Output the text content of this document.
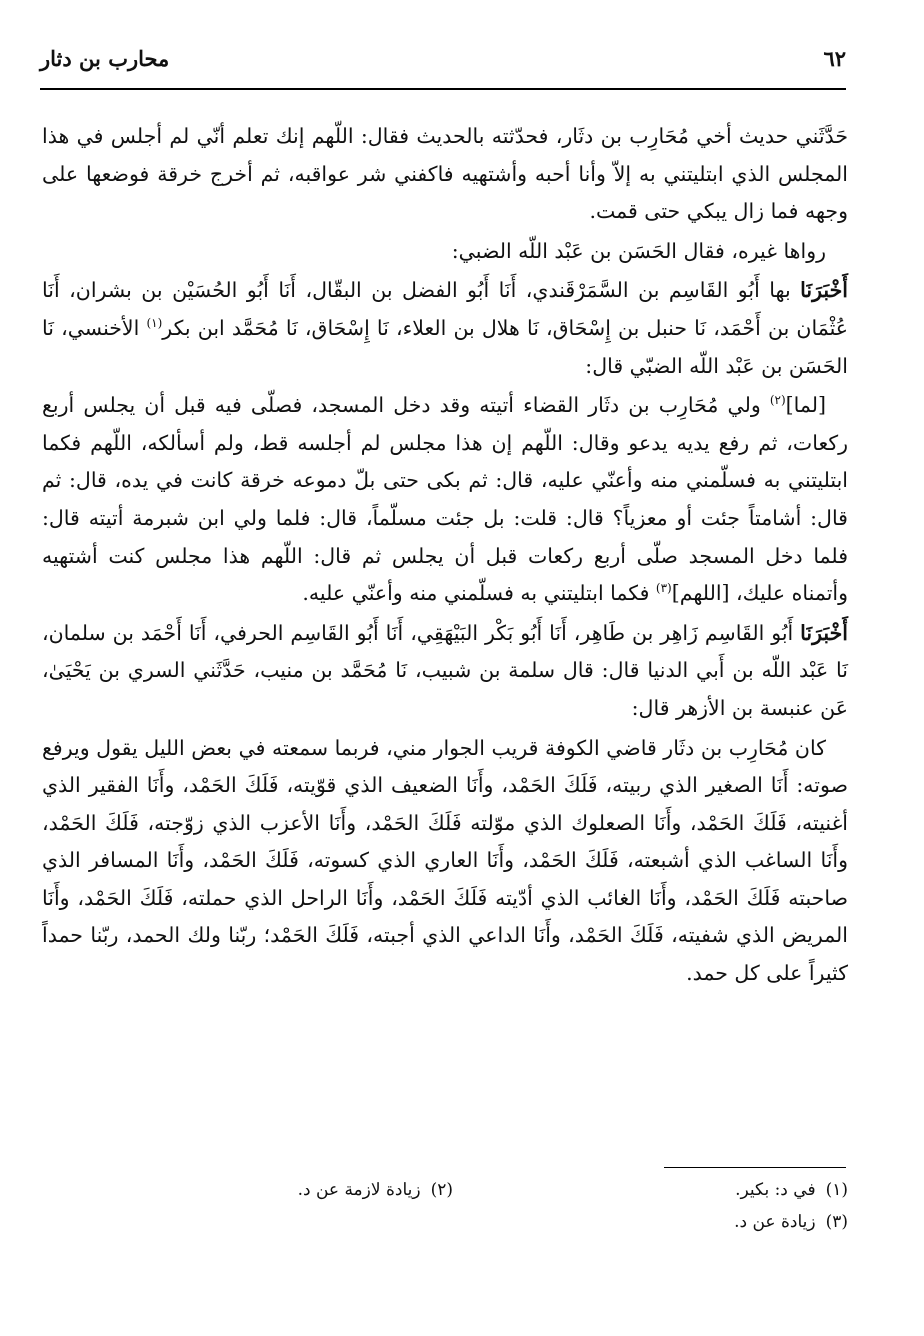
٦٢
محارب بن دثار

حَدَّثَني حديث أخي مُحَارِب بن دثَار، فحدّثته بالحديث فقال: اللّهم إنك تعلم أنّي لم أجلس في هذا المجلس الذي ابتليتني به إلاّ وأنا أحبه وأشتهيه فاكفني شر عواقبه، ثم أخرج خرقة فوضعها على وجهه فما زال يبكي حتى قمت.

رواها غيره، فقال الحَسَن بن عَبْد اللّه الضبي:

أَخْبَرَنَا بها أَبُو القَاسِم بن السَّمَرْقَندي، أَنَا أَبُو الفضل بن البقّال، أَنَا أَبُو الحُسَيْن بن بشران، أَنَا عُثْمَان بن أَحْمَد، نَا حنبل بن إِسْحَاق، نَا هلال بن العلاء، نَا إِسْحَاق، نَا مُحَمَّد ابن بكر$^{(١)}$ الأخنسي، نَا الحَسَن بن عَبْد اللّه الضبّي قال:

[لما]$^{(٢)}$ ولي مُحَارِب بن دثَار القضاء أتيته وقد دخل المسجد، فصلّى فيه قبل أن يجلس أربع ركعات، ثم رفع يديه يدعو وقال: اللّهم إن هذا مجلس لم أجلسه قط، ولم أسألكه، اللّهم فكما ابتليتني به فسلّمني منه وأعنّي عليه، قال: ثم بكى حتى بلّ دموعه خرقة كانت في يده، قال: ثم قال: أشامتاً جئت أو معزياً؟ قال: قلت: بل جئت مسلّماً، قال: فلما ولي ابن شبرمة أتيته قال: فلما دخل المسجد صلّى أربع ركعات قبل أن يجلس ثم قال: اللّهم هذا مجلس كنت أشتهيه وأتمناه عليك، [اللهم]$^{(٣)}$ فكما ابتليتني به فسلّمني منه وأعنّي عليه.

أَخْبَرَنَا أَبُو القَاسِم زَاهِر بن طَاهِر، أَنَا أَبُو بَكْر البَيْهَقِي، أَنَا أَبُو القَاسِم الحرفي، أَنَا أَحْمَد بن سلمان، نَا عَبْد اللّه بن أَبي الدنيا قال: قال سلمة بن شبيب، نَا مُحَمَّد بن منيب، حَدَّثَني السري بن يَحْيَىٰ، عَن عنبسة بن الأزهر قال:

كان مُحَارِب بن دثَار قاضي الكوفة قريب الجوار مني، فربما سمعته في بعض الليل يقول ويرفع صوته: أَنَا الصغير الذي ربيته، فَلَكَ الحَمْد، وأَنَا الضعيف الذي قوّيته، فَلَكَ الحَمْد، وأَنَا الفقير الذي أغنيته، فَلَكَ الحَمْد، وأَنَا الصعلوك الذي موّلته فَلَكَ الحَمْد، وأَنَا الأعزب الذي زوّجته، فَلَكَ الحَمْد، وأَنَا الساغب الذي أشبعته، فَلَكَ الحَمْد، وأَنَا العاري الذي كسوته، فَلَكَ الحَمْد، وأَنَا المسافر الذي صاحبته فَلَكَ الحَمْد، وأَنَا الغائب الذي أدّيته فَلَكَ الحَمْد، وأَنَا الراحل الذي حملته، فَلَكَ الحَمْد، وأَنَا المريض الذي شفيته، فَلَكَ الحَمْد، وأَنَا الداعي الذي أجبته، فَلَكَ الحَمْد؛ ربّنا ولك الحمد، ربّنا حمداً كثيراً على كل حمد.

(١)في د: بكير.
(٢)زيادة لازمة عن د.
(٣)زيادة عن د.
